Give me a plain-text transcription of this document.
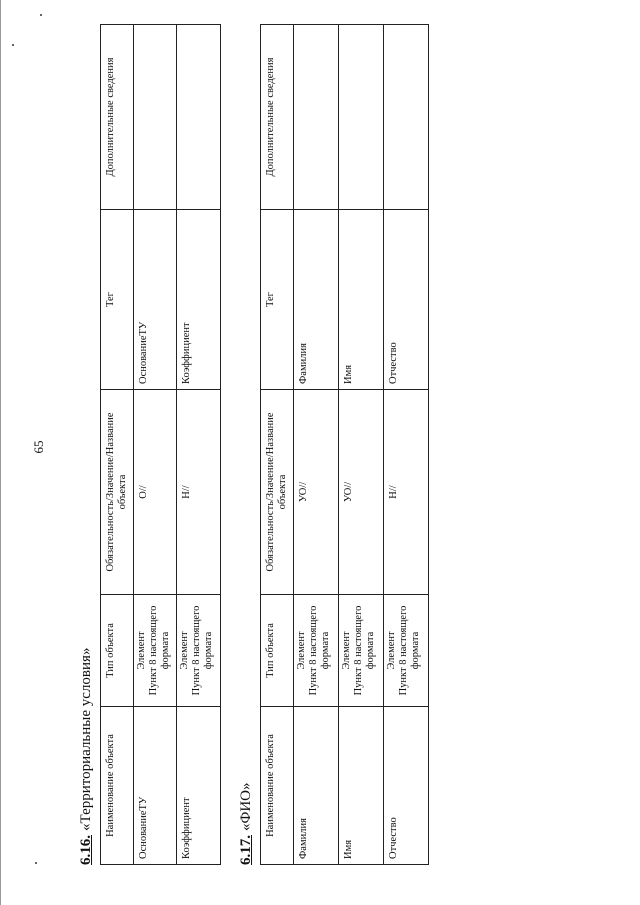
65
6.16.«Территориальные условия» Наименование объекта	Тип объекта	Обязательность/Значение/Название объекта	Тег	Дополнительные сведения
ОснованиеТУ	Элемент Пункт 8 настоящего формата	О//	ОснованиеТУ	
Коэффициент	Элемент Пункт 8 настоящего формата	Н//	Коэффициент	
6.17.«ФИО» Наименование объекта	Тип объекта	Обязательность/Значение/Название объекта	Тег	Дополнительные сведения
Фамилия	Элемент Пункт 8 настоящего формата	УО//	Фамилия	
Имя	Элемент Пункт 8 настоящего формата	УО//	Имя	
Отчество	Элемент Пункт 8 настоящего формата	Н//	Отчество	
